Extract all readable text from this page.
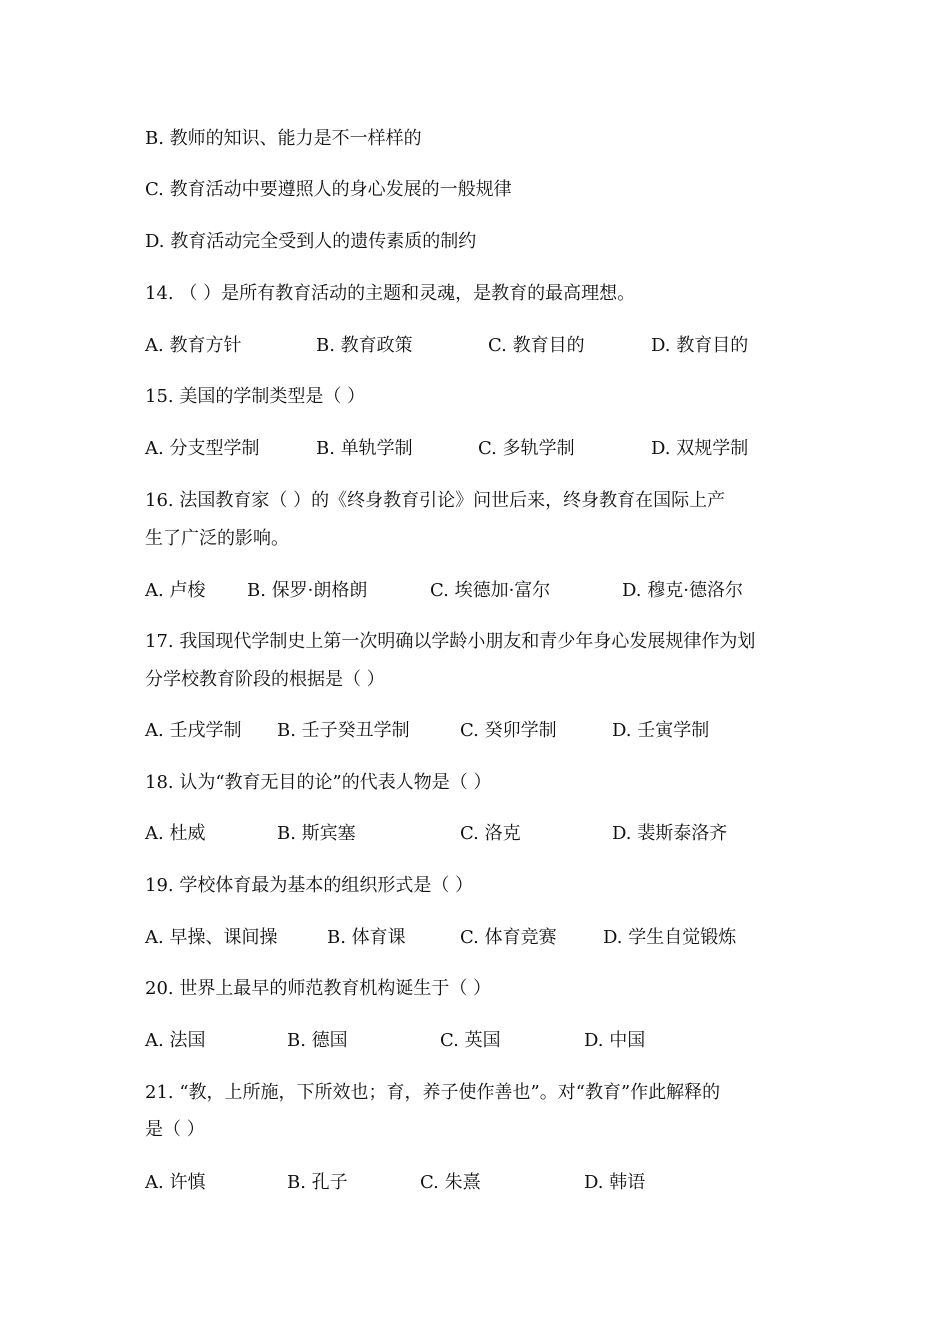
B. 教师的知识、能力是不一样样的
C. 教育活动中要遵照人的身心发展的一般规律
D. 教育活动完全受到人的遗传素质的制约
14. （ ）是所有教育活动的主题和灵魂，是教育的最高理想。
A. 教育方针	B. 教育政策	C. 教育目的	D. 教育目的
15. 美国的学制类型是（ ）
A. 分支型学制	B. 单轨学制	C. 多轨学制	D. 双规学制
16. 法国教育家（ ）的《终身教育引论》问世后来，终身教育在国际上产
生了广泛的影响。
A. 卢梭 B. 保罗·朗格朗	C. 埃德加·富尔	D. 穆克·德洛尔
17. 我国现代学制史上第一次明确以学龄小朋友和青少年身心发展规律作为划
分学校教育阶段的根据是（ ）
A. 壬戌学制 B. 壬子癸丑学制	C. 癸卯学制	D. 壬寅学制
18. 认为“教育无目的论”的代表人物是（ ）
A. 杜威	B. 斯宾塞	C. 洛克	D. 裴斯泰洛齐
19. 学校体育最为基本的组织形式是（ ）
A. 早操、课间操	B. 体育课	C. 体育竞赛	D. 学生自觉锻炼
20. 世界上最早的师范教育机构诞生于（ ）
A. 法国	B. 德国	C. 英国	D. 中国
21. “教，上所施，下所效也；育，养子使作善也”。对“教育”作此解释的
是（ ）
A. 许慎	B. 孔子	C. 朱熹	D. 韩语
